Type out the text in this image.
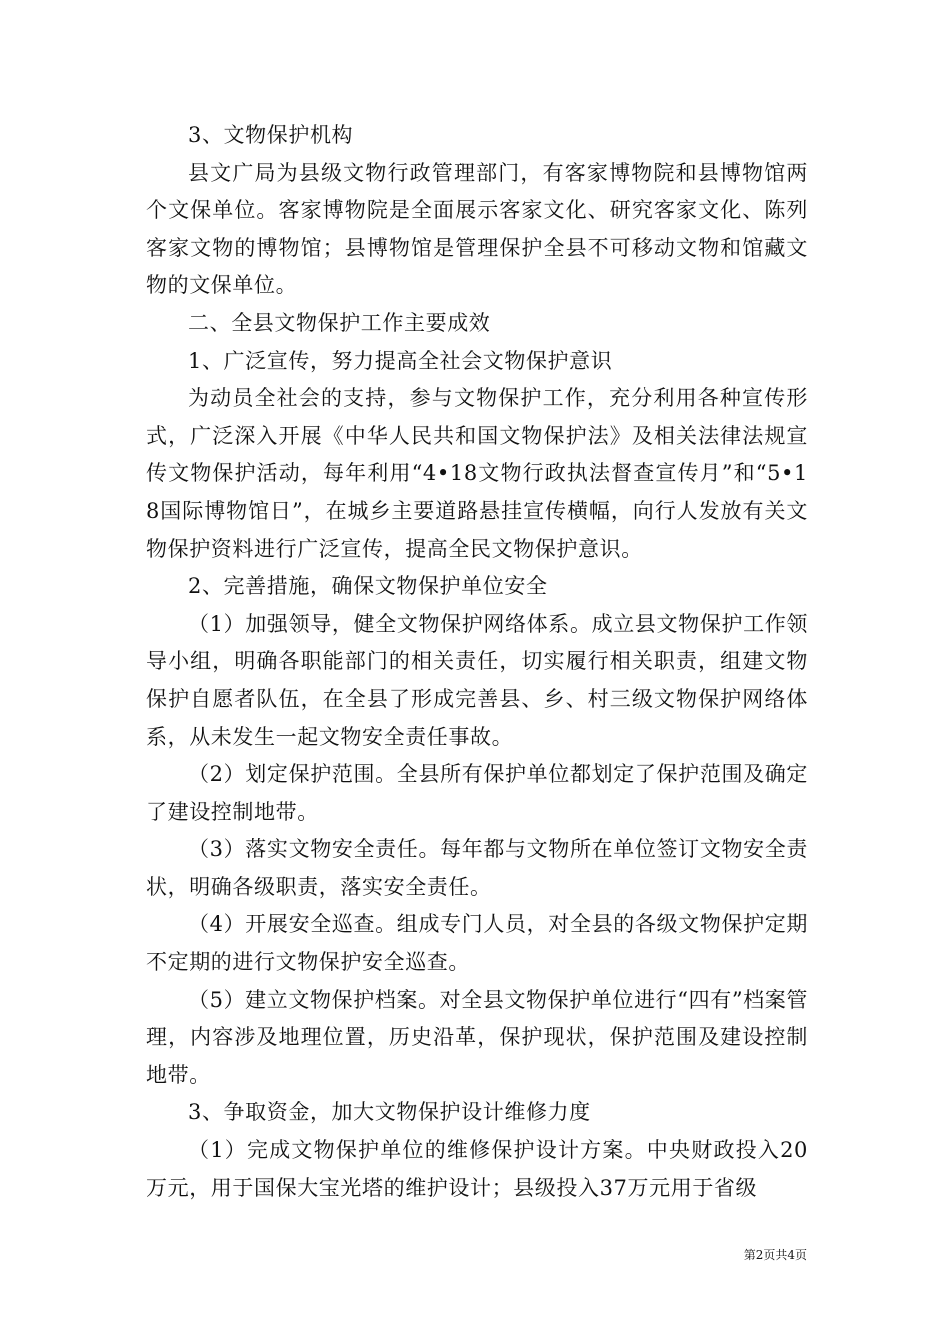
3、文物保护机构

县文广局为县级文物行政管理部门，有客家博物院和县博物馆两个文保单位。客家博物院是全面展示客家文化、研究客家文化、陈列客家文物的博物馆；县博物馆是管理保护全县不可移动文物和馆藏文物的文保单位。

二、全县文物保护工作主要成效

1、广泛宣传，努力提高全社会文物保护意识

为动员全社会的支持，参与文物保护工作，充分利用各种宣传形式，广泛深入开展《中华人民共和国文物保护法》及相关法律法规宣传文物保护活动，每年利用“4•18文物行政执法督查宣传月”和“5•18国际博物馆日”，在城乡主要道路悬挂宣传横幅，向行人发放有关文物保护资料进行广泛宣传，提高全民文物保护意识。

2、完善措施，确保文物保护单位安全

（1）加强领导，健全文物保护网络体系。成立县文物保护工作领导小组，明确各职能部门的相关责任，切实履行相关职责，组建文物保护自愿者队伍，在全县了形成完善县、乡、村三级文物保护网络体系，从未发生一起文物安全责任事故。

（2）划定保护范围。全县所有保护单位都划定了保护范围及确定了建设控制地带。

（3）落实文物安全责任。每年都与文物所在单位签订文物安全责状，明确各级职责，落实安全责任。

（4）开展安全巡查。组成专门人员，对全县的各级文物保护定期不定期的进行文物保护安全巡查。

（5）建立文物保护档案。对全县文物保护单位进行“四有”档案管理，内容涉及地理位置，历史沿革，保护现状，保护范围及建设控制地带。

3、争取资金，加大文物保护设计维修力度

（1）完成文物保护单位的维修保护设计方案。中央财政投入20万元，用于国保大宝光塔的维护设计；县级投入37万元用于省级

第2页共4页
